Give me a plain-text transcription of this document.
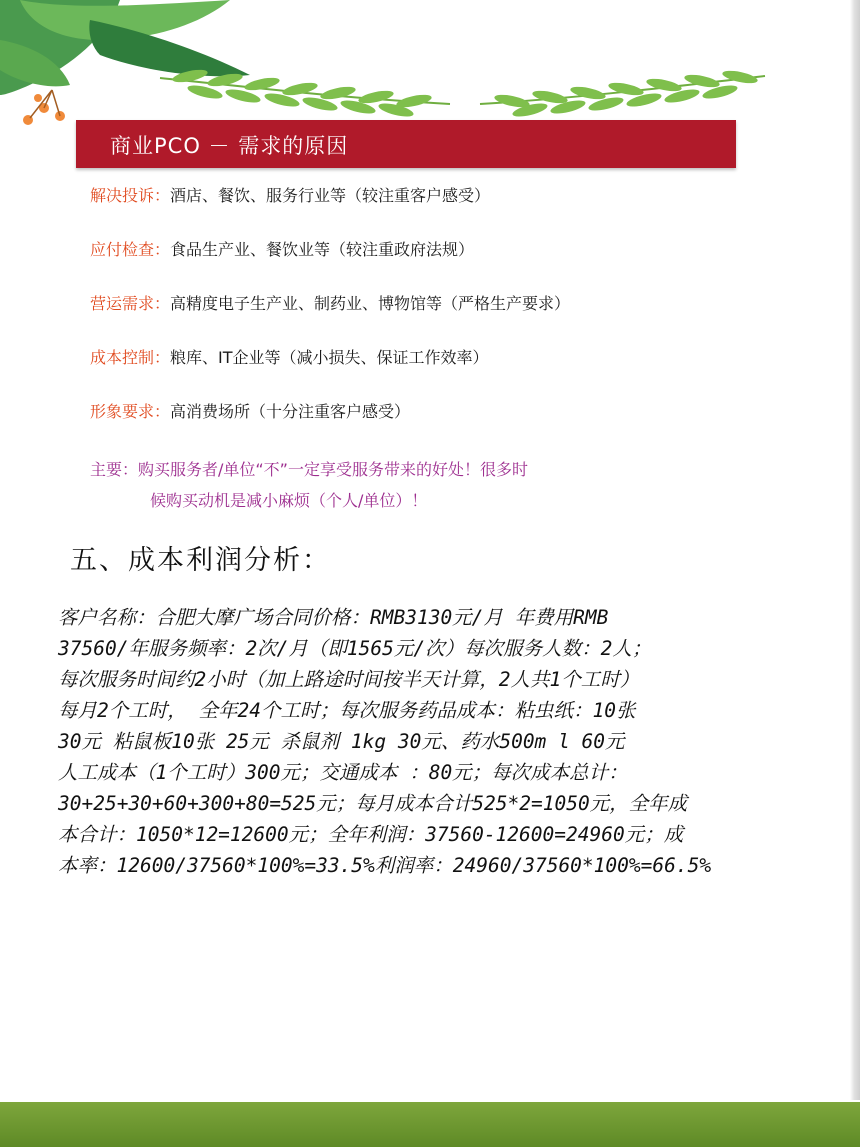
商业PCO － 需求的原因
解决投诉：酒店、餐饮、服务行业等（较注重客户感受）
应付检查：食品生产业、餐饮业等（较注重政府法规）
营运需求：高精度电子生产业、制药业、博物馆等（严格生产要求）
成本控制：粮库、IT企业等（减小损失、保证工作效率）
形象要求：高消费场所（十分注重客户感受）
主要：购买服务者/单位“不”一定享受服务带来的好处！很多时
候购买动机是减小麻烦（个人/单位）！
五、成本利润分析：
客户名称：合肥大摩广场合同价格：RMB3130元/月 年费用RMB
37560/年服务频率：2次/月（即1565元/次）每次服务人数：2人；
每次服务时间约2小时（加上路途时间按半天计算，2人共1个工时）
每月2个工时， 全年24个工时；每次服务药品成本：粘虫纸：10张
30元 粘鼠板10张 25元 杀鼠剂 1kg 30元、药水500m l 60元
人工成本（1个工时）300元；交通成本 ：80元；每次成本总计：
30+25+30+60+300+80=525元；每月成本合计525*2=1050元，全年成
本合计：1050*12=12600元；全年利润：37560-12600=24960元；成
本率：12600/37560*100%=33.5%利润率：24960/37560*100%=66.5%
